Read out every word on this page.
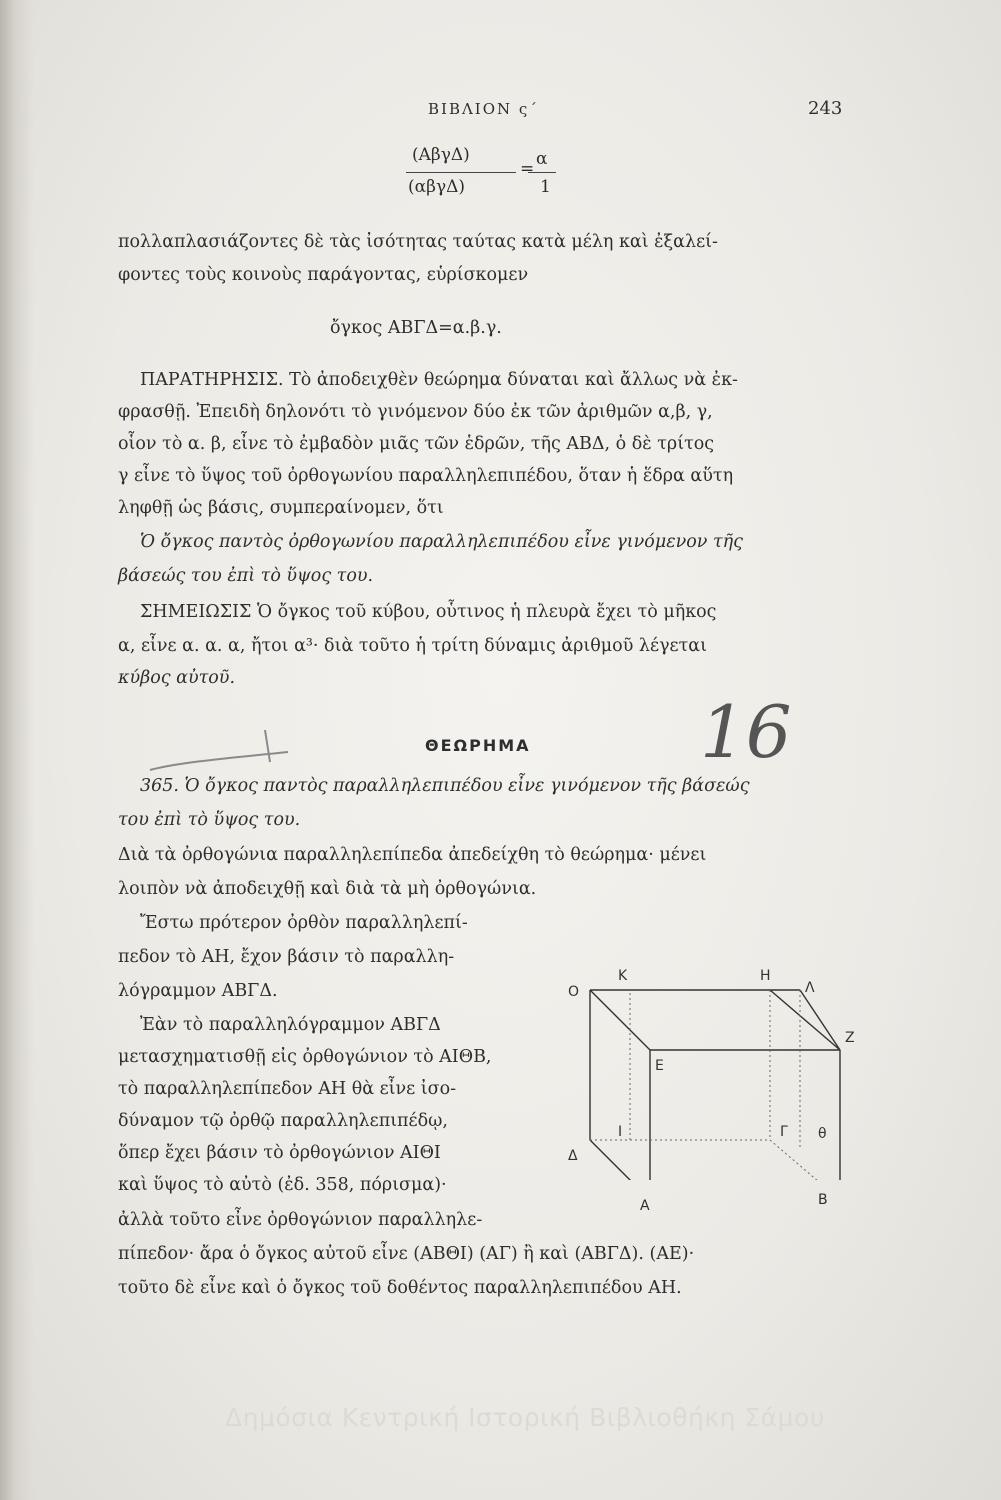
ΒΙΒΛΙΟΝ ς΄	243
(ΑβγΔ)
(αβγΔ)
= α
1
πολλαπλασιάζοντες δὲ τὰς ἰσότητας ταύτας κατὰ μέλη καὶ ἐξαλεί-
φοντες τοὺς κοινοὺς παράγοντας, εὑρίσκομεν
ὄγκος ΑΒΓΔ=α.β.γ.
ΠΑΡΑΤΗΡΗΣΙΣ. Τὸ ἀποδειχθὲν θεώρημα δύναται καὶ ἄλλως νὰ ἐκ-
φρασθῇ. Ἐπειδὴ δηλονότι τὸ γινόμενον δύο ἐκ τῶν ἀριθμῶν α,β, γ,
οἷον τὸ α. β, εἶνε τὸ ἐμβαδὸν μιᾶς τῶν ἑδρῶν, τῆς ΑΒΔ, ὁ δὲ τρίτος
γ εἶνε τὸ ὕψος τοῦ ὀρθογωνίου παραλληλεπιπέδου, ὅταν ἡ ἕδρα αὕτη
ληφθῇ ὡς βάσις, συμπεραίνομεν, ὅτι
Ὁ ὄγκος παντὸς ὀρθογωνίου παραλληλεπιπέδου εἶνε γινόμενον τῆς
βάσεώς του ἐπὶ τὸ ὕψος του.
ΣΗΜΕΙΩΣΙΣ Ὁ ὄγκος τοῦ κύβου, οὗτινος ἡ πλευρὰ ἔχει τὸ μῆκος
α, εἶνε α. α. α, ἤτοι α³· διὰ τοῦτο ἡ τρίτη δύναμις ἀριθμοῦ λέγεται
κύβος αὐτοῦ.
ΘΕΩΡΗΜΑ 16
365. Ὁ ὄγκος παντὸς παραλληλεπιπέδου εἶνε γινόμενον τῆς βάσεώς
του ἐπὶ τὸ ὕψος του.
Διὰ τὰ ὀρθογώνια παραλληλεπίπεδα ἀπεδείχθη τὸ θεώρημα· μένει
λοιπὸν νὰ ἀποδειχθῇ καὶ διὰ τὰ μὴ ὀρθογώνια.
Ἔστω πρότερον ὀρθὸν παραλληλεπί-
πεδον τὸ ΑΗ, ἔχον βάσιν τὸ παραλλη-
λόγραμμον ΑΒΓΔ.
Ἐὰν τὸ παραλληλόγραμμον ΑΒΓΔ
μετασχηματισθῇ εἰς ὀρθογώνιον τὸ ΑΙΘΒ,
τὸ παραλληλεπίπεδον ΑΗ θὰ εἶνε ἰσο-
δύναμον τῷ ὀρθῷ παραλληλεπιπέδῳ,
ὅπερ ἔχει βάσιν τὸ ὀρθογώνιον ΑΙΘΙ
καὶ ὕψος τὸ αὐτὸ (ἐδ. 358, πόρισμα)·
ἀλλὰ τοῦτο εἶνε ὀρθογώνιον παραλληλε-
πίπεδον· ἄρα ὁ ὄγκος αὐτοῦ εἶνε (ΑΒΘΙ) (ΑΓ) ἢ καὶ (ΑΒΓΔ). (ΑΕ)·
τοῦτο δὲ εἶνε καὶ ὁ ὄγκος τοῦ δοθέντος παραλληλεπιπέδου ΑΗ.
K	H
Λ
Ο
Z
E
I	Γ θ
Δ
A	B
Δημόσια Κεντρική Ιστορική Βιβλιοθήκη Σάμου
